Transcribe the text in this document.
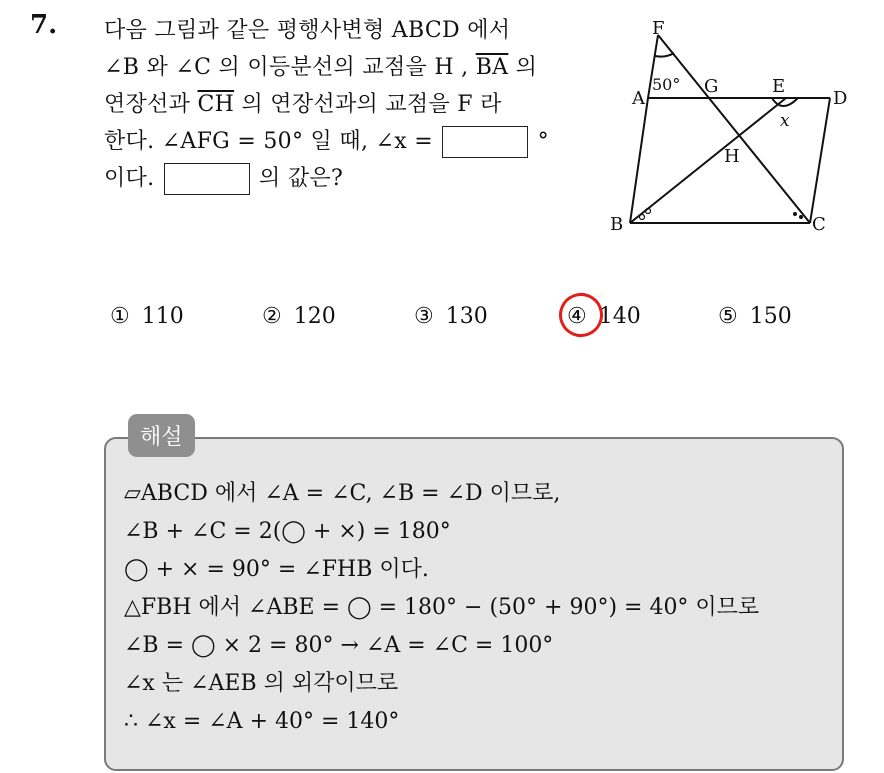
7. 다음 그림과 같은 평행사변형 ABCD 에서
∠B 와 ∠C 의 이등분선의 교점을 H , $\overline{BA}$ 의
연장선과 $\overline{CH}$ 의 연장선과의 교점을 F 라
한다. ∠AFG = 50° 일 때, ∠x =	°
이다.	의 값은?
F
A
G	E
D
H
B	C
x
50°
① 110	② 120	③ 130	④ 140	⑤ 150
해설
▱ABCD 에서 ∠A = ∠C, ∠B = ∠D 이므로,
∠B + ∠C = 2(◯ + ×) = 180°
◯ + × = 90° = ∠FHB 이다.
△FBH 에서 ∠ABE = ◯ = 180° − (50° + 90°) = 40° 이므로
∠B = ◯ × 2 = 80° → ∠A = ∠C = 100°
∠x 는 ∠AEB 의 외각이므로
∴ ∠x = ∠A + 40° = 140°
